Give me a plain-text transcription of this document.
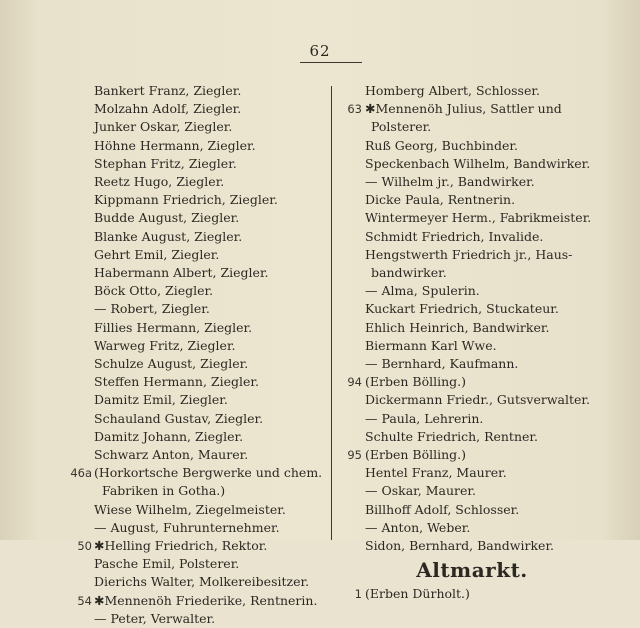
62
Bankert Franz, Ziegler.
Molzahn Adolf, Ziegler.
Junker Oskar, Ziegler.
Höhne Hermann, Ziegler.
Stephan Fritz, Ziegler.
Reetz Hugo, Ziegler.
Kippmann Friedrich, Ziegler.
Budde August, Ziegler.
Blanke August, Ziegler.
Gehrt Emil, Ziegler.
Habermann Albert, Ziegler.
Böck Otto, Ziegler.
— Robert, Ziegler.
Fillies Hermann, Ziegler.
Warweg Fritz, Ziegler.
Schulze August, Ziegler.
Steffen Hermann, Ziegler.
Damitz Emil, Ziegler.
Schauland Gustav, Ziegler.
Damitz Johann, Ziegler.
Schwarz Anton, Maurer.
46a (Horkortsche Bergwerke und chem.
Fabriken in Gotha.)
Wiese Wilhelm, Ziegelmeister.
— August, Fuhrunternehmer.
50 ✱Helling Friedrich, Rektor.
Pasche Emil, Polsterer.
Dierichs Walter, Molkereibesitzer.
54 ✱Mennenöh Friederike, Rentnerin.
— Peter, Verwalter.
Homberg Albert, Schlosser.
63 ✱Mennenöh Julius, Sattler und
Polsterer.
Ruß Georg, Buchbinder.
Speckenbach Wilhelm, Bandwirker.
— Wilhelm jr., Bandwirker.
Dicke Paula, Rentnerin.
Wintermeyer Herm., Fabrikmeister.
Schmidt Friedrich, Invalide.
Hengstwerth Friedrich jr., Haus-
bandwirker.
— Alma, Spulerin.
Kuckart Friedrich, Stuckateur.
Ehlich Heinrich, Bandwirker.
Biermann Karl Wwe.
— Bernhard, Kaufmann.
94 (Erben Bölling.)
Dickermann Friedr., Gutsverwalter.
— Paula, Lehrerin.
Schulte Friedrich, Rentner.
95 (Erben Bölling.)
Hentel Franz, Maurer.
— Oskar, Maurer.
Billhoff Adolf, Schlosser.
— Anton, Weber.
Sidon, Bernhard, Bandwirker.
Altmarkt.
1 (Erben Dürholt.)
